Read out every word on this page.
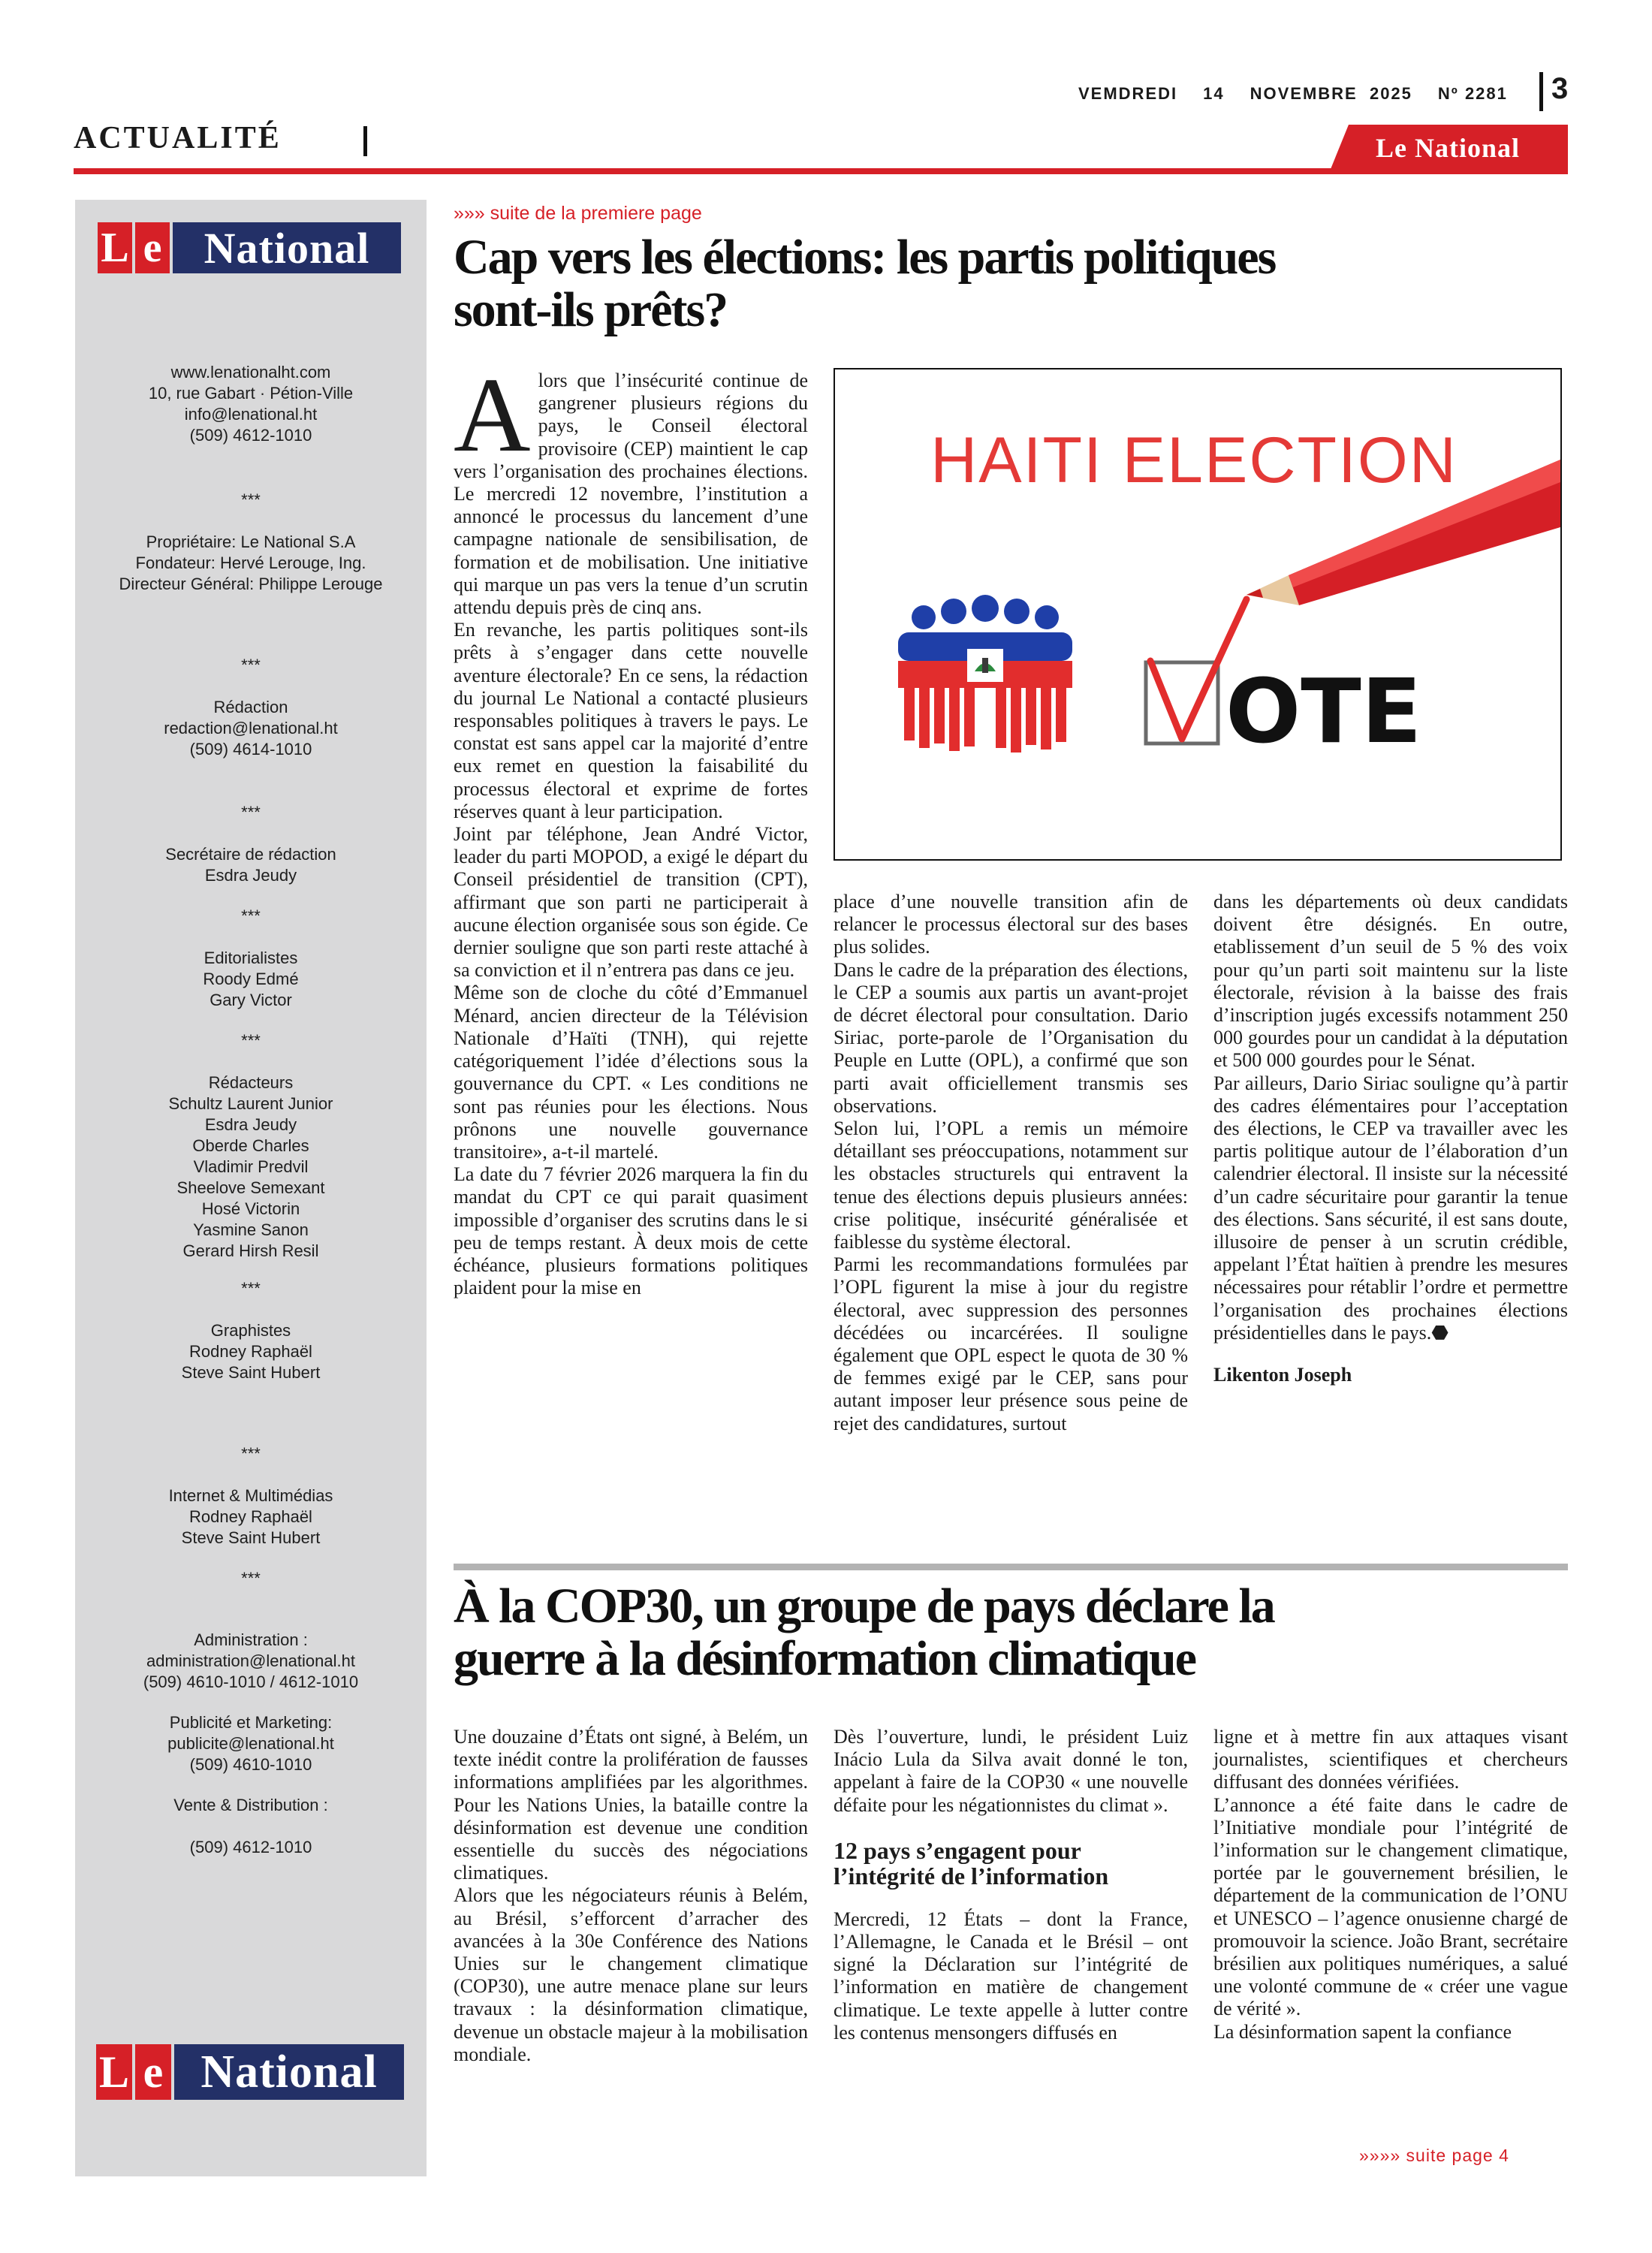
VEMDREDI 14 NOVEMBRE  2025 Nº 2281 3
ACTUALITÉ	Le National
L e National
www.lenationalht.com
10, rue Gabart · Pétion-Ville
info@lenational.ht
(509) 4612-1010
***
Propriétaire: Le National S.A
Fondateur: Hervé Lerouge, Ing.
Directeur Général: Philippe Lerouge
***
Rédaction
redaction@lenational.ht
(509) 4614-1010
***
Secrétaire de rédaction
Esdra Jeudy
***
Editorialistes
Roody Edmé
Gary Victor
***
Rédacteurs
Schultz Laurent Junior
Esdra Jeudy
Oberde Charles
Vladimir Predvil
Sheelove Semexant
Hosé Victorin
Yasmine Sanon
Gerard Hirsh Resil
***
Graphistes
Rodney Raphaël
Steve Saint Hubert
***
Internet & Multimédias
Rodney Raphaël
Steve Saint Hubert
***
Administration :
administration@lenational.ht
(509) 4610-1010 / 4612-1010
Publicité et Marketing:
publicite@lenational.ht
(509) 4610-1010
Vente & Distribution :
(509) 4612-1010
L e National
»»» suite de la premiere page
Cap vers les élections: les partis politiques
sont-ils prêts?

Alors que l’insécurité continue de gangrener plusieurs régions du pays, le Conseil électoral provisoire (CEP) maintient le cap vers l’organisation des prochaines élections. Le mercredi 12 novembre, l’institution a annoncé le processus du lancement d’une campagne nationale de sensibilisation, de formation et de mobilisation. Une initiative qui marque un pas vers la tenue d’un scrutin attendu depuis près de cinq ans.

En revanche, les partis politiques sont-ils prêts à s’engager dans cette nouvelle aventure électorale? En ce sens, la rédaction du journal Le National a contacté plusieurs responsables politiques à travers le pays. Le constat est sans appel car la majorité d’entre eux remet en question la faisabilité du processus électoral et exprime de fortes réserves quant à leur participation.

Joint par téléphone, Jean André Victor, leader du parti MOPOD, a exigé le départ du Conseil présidentiel de transition (CPT), affirmant que son parti ne participerait à aucune élection organisée sous son égide. Ce dernier souligne que son parti reste attaché à sa conviction et il n’entrera pas dans ce jeu.

Même son de cloche du côté d’Emmanuel Ménard, ancien directeur de la Télévision Nationale d’Haïti (TNH), qui rejette catégoriquement l’idée d’élections sous la gouvernance du CPT. « Les conditions ne sont pas réunies pour les élections. Nous prônons une nouvelle gouvernance transitoire», a-t-il martelé.

La date du 7 février 2026 marquera la fin du mandat du CPT ce qui parait quasiment impossible d’organiser des scrutins dans le si peu de temps restant. À deux mois de cette échéance, plusieurs formations politiques plaident pour la mise en

HAITI ELECTION
OTE

place d’une nouvelle transition afin de relancer le processus électoral sur des bases plus solides.

Dans le cadre de la préparation des élections, le CEP a soumis aux partis un avant-projet de décret électoral pour consultation. Dario Siriac, porte-parole de l’Organisation du Peuple en Lutte (OPL), a confirmé que son parti avait officiellement transmis ses observations.

Selon lui, l’OPL a remis un mémoire détaillant ses préoccupations, notamment sur les obstacles structurels qui entravent la tenue des élections depuis plusieurs années: crise politique, insécurité généralisée et faiblesse du système électoral.

Parmi les recommandations formulées par l’OPL figurent la mise à jour du registre électoral, avec suppression des personnes décédées ou incarcérées. Il souligne également que OPL espect le quota de 30 % de femmes exigé par le CEP, sans pour autant imposer leur présence sous peine de rejet des candidatures, surtout

dans les départements où deux candidats doivent être désignés. En outre, etablissement d’un seuil de 5 % des voix pour qu’un parti soit maintenu sur la liste électorale, révision à la baisse des frais d’inscription jugés excessifs notamment 250 000 gourdes pour un candidat à la députation et 500 000 gourdes pour le Sénat.

Par ailleurs, Dario Siriac souligne qu’à partir des cadres élémentaires pour l’acceptation des élections, le CEP va travailler avec les partis politique autour de l’élaboration d’un calendrier électoral. Il insiste sur la nécessité d’un cadre sécuritaire pour garantir la tenue des élections. Sans sécurité, il est sans doute, illusoire de penser à un scrutin crédible, appelant l’État haïtien à prendre les mesures nécessaires pour rétablir l’ordre et permettre l’organisation des prochaines élections présidentielles dans le pays.⬣

Likenton Joseph

À la COP30, un groupe de pays déclare la
guerre à la désinformation climatique

Une douzaine d’États ont signé, à Belém, un texte inédit contre la prolifération de fausses informations amplifiées par les algorithmes. Pour les Nations Unies, la bataille contre la désinformation est devenue une condition essentielle du succès des négociations climatiques.

Alors que les négociateurs réunis à Belém, au Brésil, s’efforcent d’arracher des avancées à la 30e Conférence des Nations Unies sur le changement climatique (COP30), une autre menace plane sur leurs travaux : la désinformation climatique, devenue un obstacle majeur à la mobilisation mondiale.

Dès l’ouverture, lundi, le président Luiz Inácio Lula da Silva avait donné le ton, appelant à faire de la COP30 « une nouvelle défaite pour les négationnistes du climat ».

12 pays s’engagent pour
l’intégrité de l’information

Mercredi, 12 États – dont la France, l’Allemagne, le Canada et le Brésil – ont signé la Déclaration sur l’intégrité de l’information en matière de changement climatique. Le texte appelle à lutter contre les contenus mensongers diffusés en

ligne et à mettre fin aux attaques visant journalistes, scientifiques et chercheurs diffusant des données vérifiées.

L’annonce a été faite dans le cadre de l’Initiative mondiale pour l’intégrité de l’information sur le changement climatique, portée par le gouvernement brésilien, le département de la communication de l’ONU et UNESCO – l’agence onusienne chargé de promouvoir la science. João Brant, secrétaire brésilien aux politiques numériques, a salué une volonté commune de « créer une vague de vérité ».

La désinformation sapent la confiance

»»»» suite page 4
